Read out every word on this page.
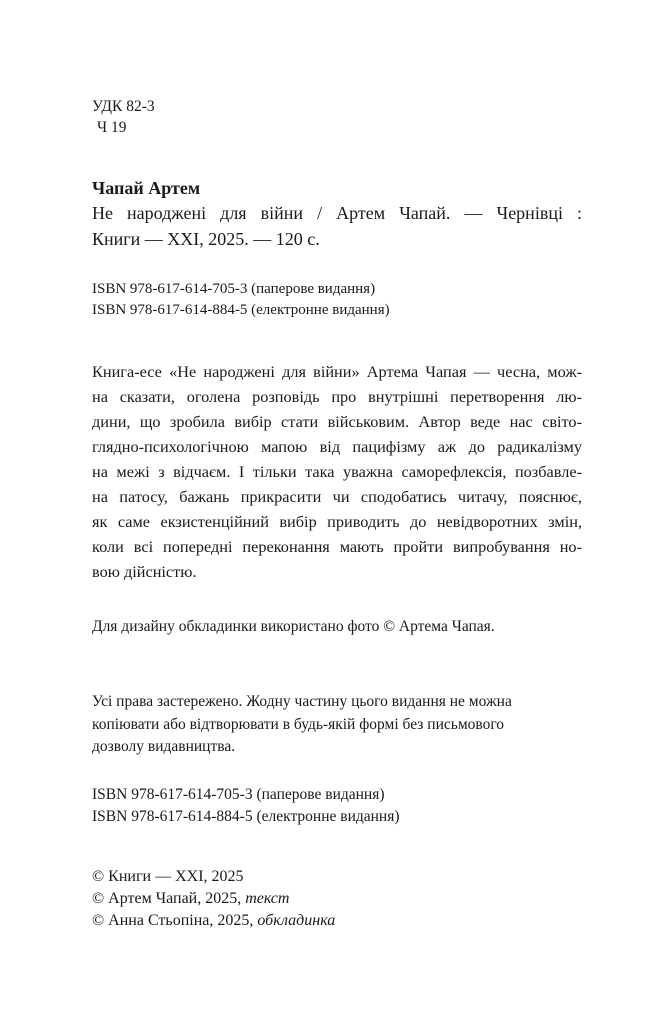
УДК 82-3
Ч 19
Чапай Артем
Не народжені для війни / Артем Чапай. — Чернівці :
Книги — ХХІ, 2025. — 120 с.
ISBN 978-617-614-705-3 (паперове видання)
ISBN 978-617-614-884-5 (електронне видання)
Книга-есе «Не народжені для війни» Артема Чапая — чесна, мож-
на сказати, оголена розповідь про внутрішні перетворення лю-
дини, що зробила вибір стати військовим. Автор веде нас світо-
глядно-психологічною мапою від пацифізму аж до радикалізму
на межі з відчаєм. І тільки така уважна саморефлексія, позбавле-
на патосу, бажань прикрасити чи сподобатись читачу, пояснює,
як саме екзистенційний вибір приводить до невідворотних змін,
коли всі попередні переконання мають пройти випробування но-
вою дійсністю.
Для дизайну обкладинки використано фото © Артема Чапая.
Усі права застережено. Жодну частину цього видання не можна
копіювати або відтворювати в будь-якій формі без письмового
дозволу видавництва.
ISBN 978-617-614-705-3 (паперове видання)
ISBN 978-617-614-884-5 (електронне видання)
© Книги — ХХІ, 2025
© Артем Чапай, 2025, текст
© Анна Стьопіна, 2025, обкладинка
